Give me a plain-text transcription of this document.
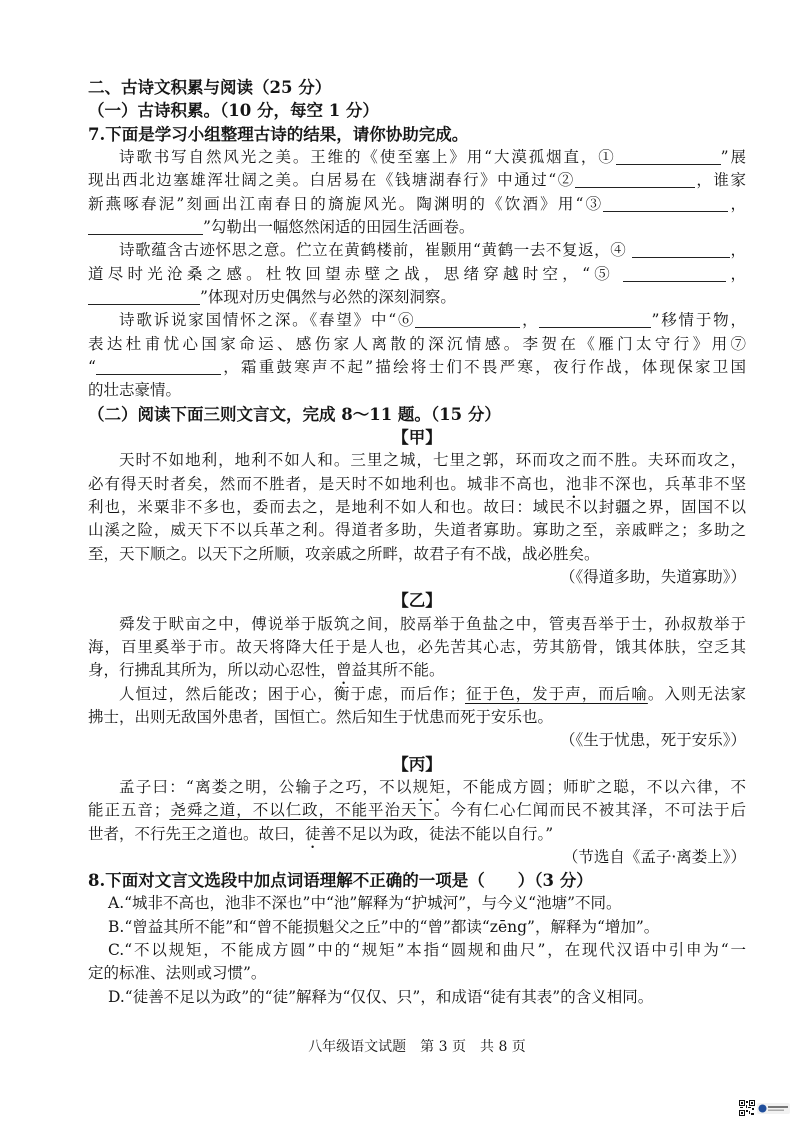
二、古诗文积累与阅读（25 分）
（一）古诗积累。（10 分，每空 1 分）
7.下面是学习小组整理古诗的结果，请你协助完成。
诗歌书写自然风光之美。王维的《使至塞上》用“大漠孤烟直，①	”展
现出西北边塞雄浑壮阔之美。白居易在《钱塘湖春行》中通过“②	，谁家
新燕啄春泥”刻画出江南春日的旖旎风光。陶渊明的《饮酒》用“③	，
”勾勒出一幅悠然闲适的田园生活画卷。
诗歌蕴含古迹怀思之意。伫立在黄鹤楼前，崔颢用“黄鹤一去不复返，④	，
道尽时光沧桑之感。杜牧回望赤壁之战，思绪穿越时空，“⑤	，
”体现对历史偶然与必然的深刻洞察。
诗歌诉说家国情怀之深。《春望》中“⑥	，	”移情于物，
表达杜甫忧心国家命运、感伤家人离散的深沉情感。李贺在《雁门太守行》用⑦
“	，霜重鼓寒声不起”描绘将士们不畏严寒，夜行作战，体现保家卫国
的壮志豪情。
（二）阅读下面三则文言文，完成 8～11 题。（15 分）
【甲】
天时不如地利，地利不如人和。三里之城，七里之郭，环而攻之而不胜。夫环而攻之，
必有得天时者矣，然而不胜者，是天时不如地利也。城非不高也，池非不深也，兵革非不坚
利也，米粟非不多也，委而去之，是地利不如人和也。故曰：域民不以封疆之界，固国不以
山溪之险，威天下不以兵革之利。得道者多助，失道者寡助。寡助之至，亲戚畔之；多助之
至，天下顺之。以天下之所顺，攻亲戚之所畔，故君子有不战，战必胜矣。
（《得道多助，失道寡助》）
【乙】
舜发于畎亩之中，傅说举于版筑之间，胶鬲举于鱼盐之中，管夷吾举于士，孙叔敖举于
海，百里奚举于市。故天将降大任于是人也，必先苦其心志，劳其筋骨，饿其体肤，空乏其
身，行拂乱其所为，所以动心忍性，曾益其所不能。
人恒过，然后能改；困于心，衡于虑，而后作；征于色，发于声，而后喻。入则无法家
拂士，出则无敌国外患者，国恒亡。然后知生于忧患而死于安乐也。
（《生于忧患，死于安乐》）
【丙】
孟子曰：“离娄之明，公输子之巧，不以规矩，不能成方圆；师旷之聪，不以六律，不
能正五音；尧舜之道，不以仁政，不能平治天下。今有仁心仁闻而民不被其泽，不可法于后
世者，不行先王之道也。故曰，徒善不足以为政，徒法不能以自行。”
（节选自《孟子·离娄上》）
8.下面对文言文选段中加点词语理解不正确的一项是（　　）（3 分）
A.“城非不高也，池非不深也”中“池”解释为“护城河”，与今义“池塘”不同。
B.“曾益其所不能”和“曾不能损魁父之丘”中的“曾”都读“zēng”，解释为“增加”。
C.“不以规矩，不能成方圆”中的“规矩”本指“圆规和曲尺”，在现代汉语中引申为“一
定的标准、法则或习惯”。
D.“徒善不足以为政”的“徒”解释为“仅仅、只”，和成语“徒有其表”的含义相同。
八年级语文试题　第 3 页　共 8 页
